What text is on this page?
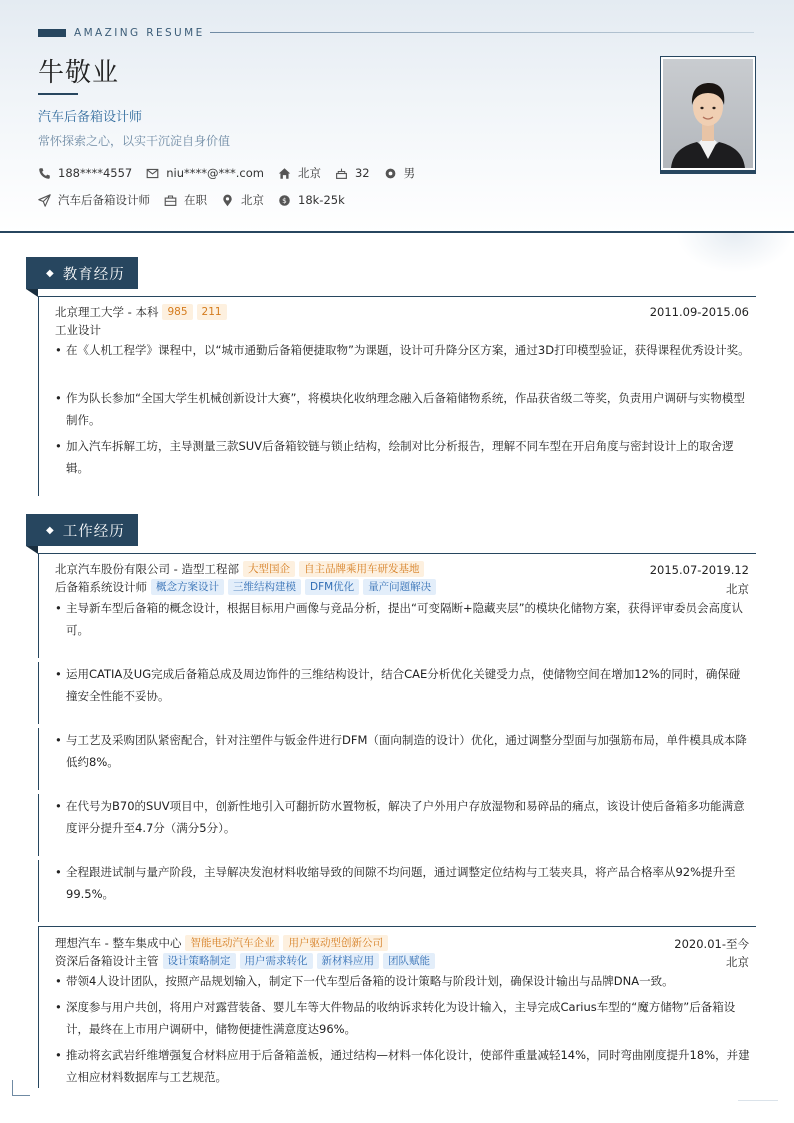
AMAZING RESUME
牛敬业
汽车后备箱设计师
常怀探索之心，以实干沉淀自身价值
188****4557	niu****@***.com	北京	32	男
汽车后备箱设计师	在职	北京 $ 18k-25k
◆ 教育经历
北京理工大学 - 本科 985	211	2011.09-2015.06
工业设计
• 在《人机工程学》课程中，以“城市通勤后备箱便捷取物”为课题，设计可升降分区方案，通过3D打印模型验证，获得课程优秀设计奖。
• 作为队长参加“全国大学生机械创新设计大赛”，将模块化收纳理念融入后备箱储物系统，作品获省级二等奖，负责用户调研与实物模型制作。
• 加入汽车拆解工坊，主导测量三款SUV后备箱铰链与锁止结构，绘制对比分析报告，理解不同车型在开启角度与密封设计上的取舍逻辑。
◆ 工作经历
北京汽车股份有限公司 - 造型工程部 大型国企	自主品牌乘用车研发基地	2015.07-2019.12
后备箱系统设计师 概念方案设计	三维结构建模	DFM优化	量产问题解决	北京
• 主导新车型后备箱的概念设计，根据目标用户画像与竞品分析，提出“可变隔断+隐藏夹层”的模块化储物方案，获得评审委员会高度认可。
• 运用CATIA及UG完成后备箱总成及周边饰件的三维结构设计，结合CAE分析优化关键受力点，使储物空间在增加12%的同时，确保碰撞安全性能不妥协。
• 与工艺及采购团队紧密配合，针对注塑件与钣金件进行DFM（面向制造的设计）优化，通过调整分型面与加强筋布局，单件模具成本降低约8%。
• 在代号为B70的SUV项目中，创新性地引入可翻折防水置物板，解决了户外用户存放湿物和易碎品的痛点，该设计使后备箱多功能满意度评分提升至4.7分（满分5分）。
• 全程跟进试制与量产阶段，主导解决发泡材料收缩导致的间隙不均问题，通过调整定位结构与工装夹具，将产品合格率从92%提升至99.5%。
理想汽车 - 整车集成中心 智能电动汽车企业	用户驱动型创新公司	2020.01-至今
资深后备箱设计主管 设计策略制定	用户需求转化	新材料应用	团队赋能	北京
• 带领4人设计团队，按照产品规划输入，制定下一代车型后备箱的设计策略与阶段计划，确保设计输出与品牌DNA一致。
• 深度参与用户共创，将用户对露营装备、婴儿车等大件物品的收纳诉求转化为设计输入，主导完成Carius车型的“魔方储物”后备箱设计，最终在上市用户调研中，储物便捷性满意度达96%。
• 推动将玄武岩纤维增强复合材料应用于后备箱盖板，通过结构—材料一体化设计，使部件重量减轻14%，同时弯曲刚度提升18%，并建立相应材料数据库与工艺规范。
